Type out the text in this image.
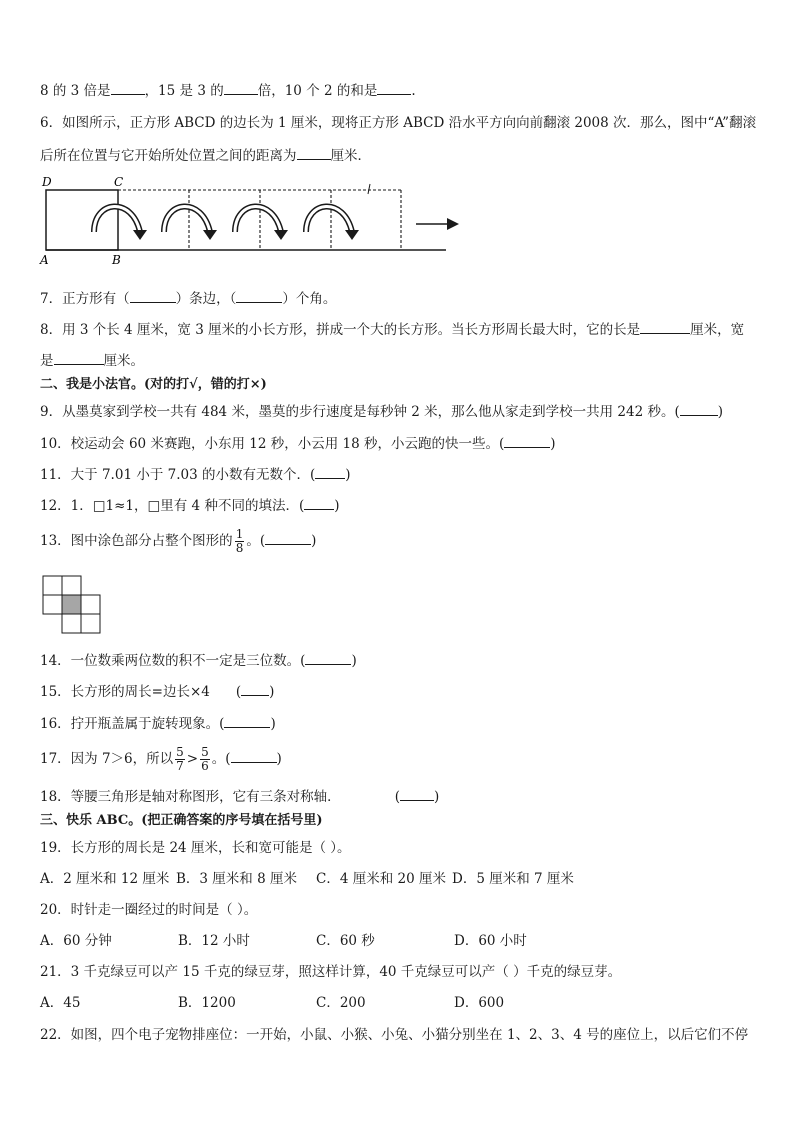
8 的 3 倍是	，15 是 3 的	倍，10 个 2 的和是	.
6．如图所示，正方形 ABCD 的边长为 1 厘米，现将正方形 ABCD 沿水平方向向前翻滚 2008 次．那么，图中“A”翻滚
后所在位置与它开始所处位置之间的距离为	厘米．
D	C
A	B
7．正方形有（	）条边，（	）个角。
8．用 3 个长 4 厘米，宽 3 厘米的小长方形，拼成一个大的长方形。当长方形周长最大时，它的长是	厘米，宽
是	厘米。
二、我是小法官。(对的打√，错的打×)
9．从墨莫家到学校一共有 484 米，墨莫的步行速度是每秒钟 2 米，那么他从家走到学校一共用 242 秒。(	)
10．校运动会 60 米赛跑，小东用 12 秒，小云用 18 秒，小云跑的快一些。(	)
11．大于 7.01 小于 7.03 的小数有无数个．( )
12．1．□1≈1，□里有 4 种不同的填法．( )
13．图中涂色部分占整个图形的 $\frac{1}{8}$ 。(	)
14．一位数乘两位数的积不一定是三位数。(	)
15．长方形的周长=边长×4 ( )
16．拧开瓶盖属于旋转现象。(	)
17．因为 7＞6，所以 $\frac{5}{7} > \frac{5}{6}$ 。(	)
18．等腰三角形是轴对称图形，它有三条对称轴．	(	)
三、快乐 ABC。(把正确答案的序号填在括号里)
19．长方形的周长是 24 厘米，长和宽可能是（ ）。
A．2 厘米和 12 厘米 B．3 厘米和 8 厘米 C．4 厘米和 20 厘米 D．5 厘米和 7 厘米
20．时针走一圈经过的时间是（ ）。
A．60 分钟	B．12 小时	C．60 秒	D．60 小时
21．3 千克绿豆可以产 15 千克的绿豆芽，照这样计算，40 千克绿豆可以产（ ）千克的绿豆芽。
A．45	B．1200	C．200	D．600
22．如图，四个电子宠物排座位：一开始，小鼠、小猴、小兔、小猫分别坐在 1、2、3、4 号的座位上，以后它们不停
